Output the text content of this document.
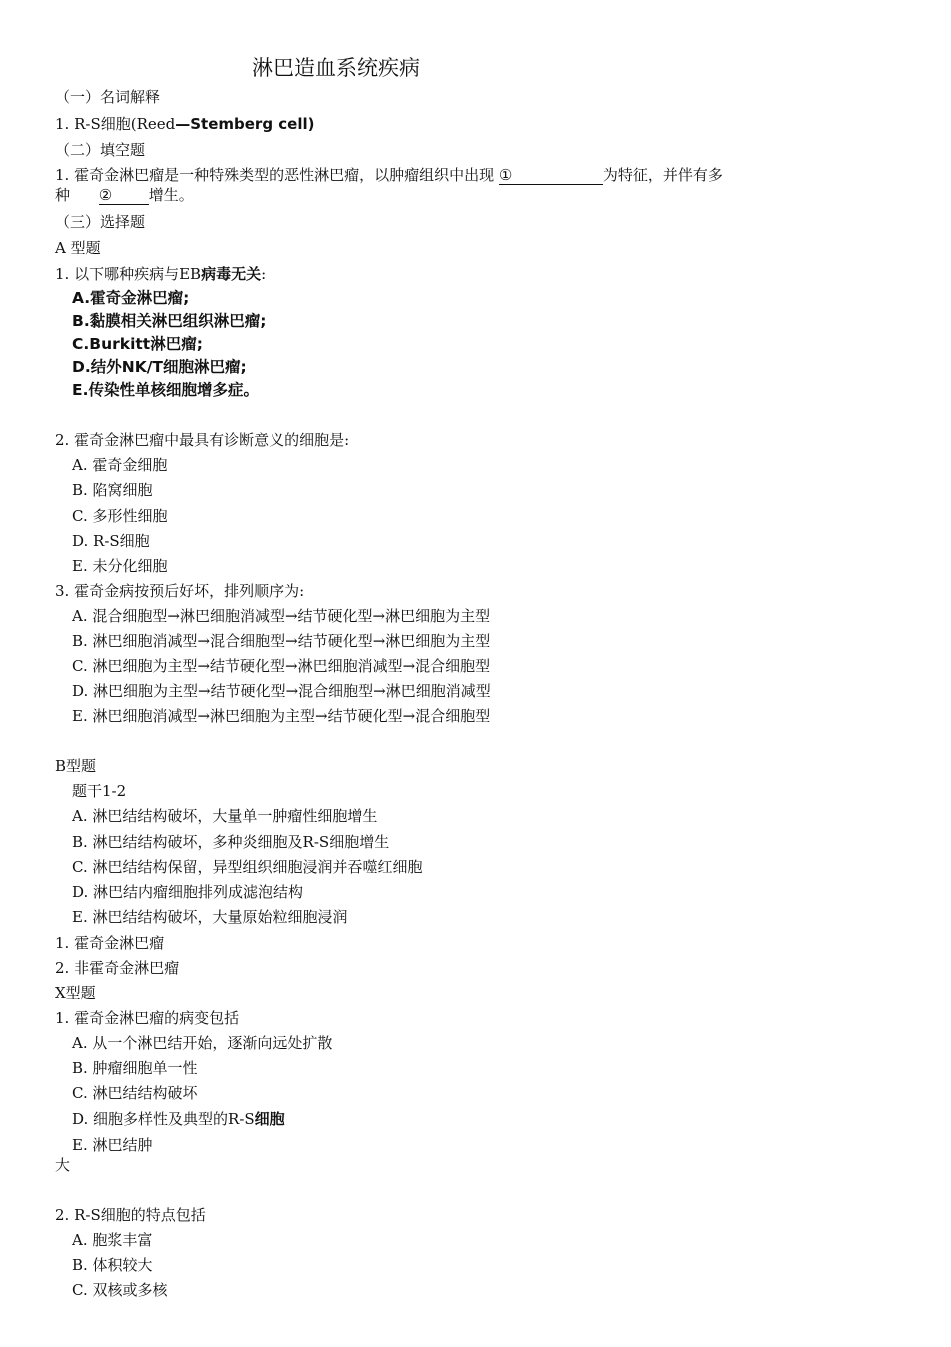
淋巴造血系统疾病
（一）名词解释
1. R-S细胞(Reed—Stemberg cell)
（二）填空题
1. 霍奇金淋巴瘤是一种特殊类型的恶性淋巴瘤，以肿瘤组织中出现 ①	为特征，并伴有多
种 ② 增生。
（三）选择题
A 型题
1. 以下哪种疾病与EB病毒无关:
A.霍奇金淋巴瘤;
B.黏膜相关淋巴组织淋巴瘤;
C.Burkitt淋巴瘤;
D.结外NK/T细胞淋巴瘤;
E.传染性单核细胞增多症。
2. 霍奇金淋巴瘤中最具有诊断意义的细胞是:
A. 霍奇金细胞
B. 陷窝细胞
C. 多形性细胞
D. R-S细胞
E. 未分化细胞
3. 霍奇金病按预后好坏，排列顺序为:
A. 混合细胞型→淋巴细胞消减型→结节硬化型→淋巴细胞为主型
B. 淋巴细胞消减型→混合细胞型→结节硬化型→淋巴细胞为主型
C. 淋巴细胞为主型→结节硬化型→淋巴细胞消减型→混合细胞型
D. 淋巴细胞为主型→结节硬化型→混合细胞型→淋巴细胞消减型
E. 淋巴细胞消减型→淋巴细胞为主型→结节硬化型→混合细胞型
B型题
题干1-2
A. 淋巴结结构破坏，大量单一肿瘤性细胞增生
B. 淋巴结结构破坏，多种炎细胞及R-S细胞增生
C. 淋巴结结构保留，异型组织细胞浸润并吞噬红细胞
D. 淋巴结内瘤细胞排列成滤泡结构
E. 淋巴结结构破坏，大量原始粒细胞浸润
1. 霍奇金淋巴瘤
2. 非霍奇金淋巴瘤
X型题
1. 霍奇金淋巴瘤的病变包括
A. 从一个淋巴结开始，逐渐向远处扩散
B. 肿瘤细胞单一性
C. 淋巴结结构破坏
D. 细胞多样性及典型的R-S细胞
E. 淋巴结肿
大
2. R-S细胞的特点包括
A. 胞浆丰富
B. 体积较大
C. 双核或多核
